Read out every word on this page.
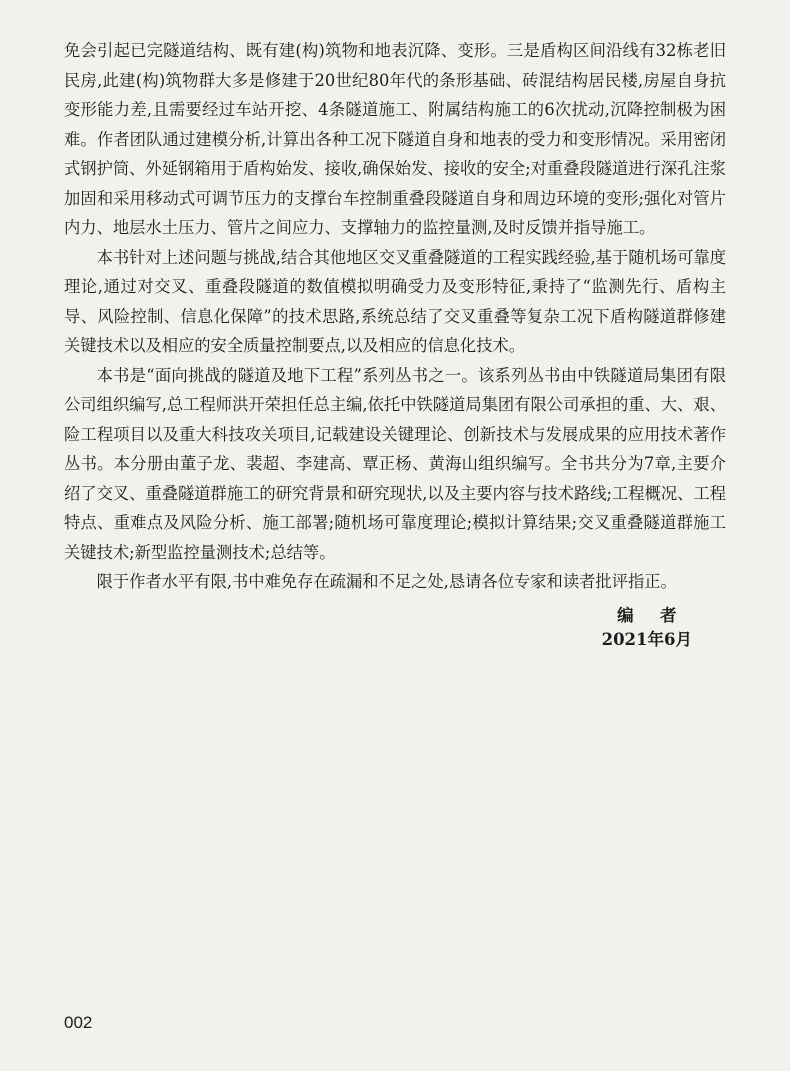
免会引起已完隧道结构、既有建(构)筑物和地表沉降、变形。三是盾构区间沿线有32栋老旧民房,此建(构)筑物群大多是修建于20世纪80年代的条形基础、砖混结构居民楼,房屋自身抗变形能力差,且需要经过车站开挖、4条隧道施工、附属结构施工的6次扰动,沉降控制极为困难。作者团队通过建模分析,计算出各种工况下隧道自身和地表的受力和变形情况。采用密闭式钢护筒、外延钢箱用于盾构始发、接收,确保始发、接收的安全;对重叠段隧道进行深孔注浆加固和采用移动式可调节压力的支撑台车控制重叠段隧道自身和周边环境的变形;强化对管片内力、地层水土压力、管片之间应力、支撑轴力的监控量测,及时反馈并指导施工。

本书针对上述问题与挑战,结合其他地区交叉重叠隧道的工程实践经验,基于随机场可靠度理论,通过对交叉、重叠段隧道的数值模拟明确受力及变形特征,秉持了“监测先行、盾构主导、风险控制、信息化保障”的技术思路,系统总结了交叉重叠等复杂工况下盾构隧道群修建关键技术以及相应的安全质量控制要点,以及相应的信息化技术。

本书是“面向挑战的隧道及地下工程”系列丛书之一。该系列丛书由中铁隧道局集团有限公司组织编写,总工程师洪开荣担任总主编,依托中铁隧道局集团有限公司承担的重、大、艰、险工程项目以及重大科技攻关项目,记载建设关键理论、创新技术与发展成果的应用技术著作丛书。本分册由董子龙、裴超、李建高、覃正杨、黄海山组织编写。全书共分为7章,主要介绍了交叉、重叠隧道群施工的研究背景和研究现状,以及主要内容与技术路线;工程概况、工程特点、重难点及风险分析、施工部署;随机场可靠度理论;模拟计算结果;交叉重叠隧道群施工关键技术;新型监控量测技术;总结等。

限于作者水平有限,书中难免存在疏漏和不足之处,恳请各位专家和读者批评指正。

编者
2021年6月
002
